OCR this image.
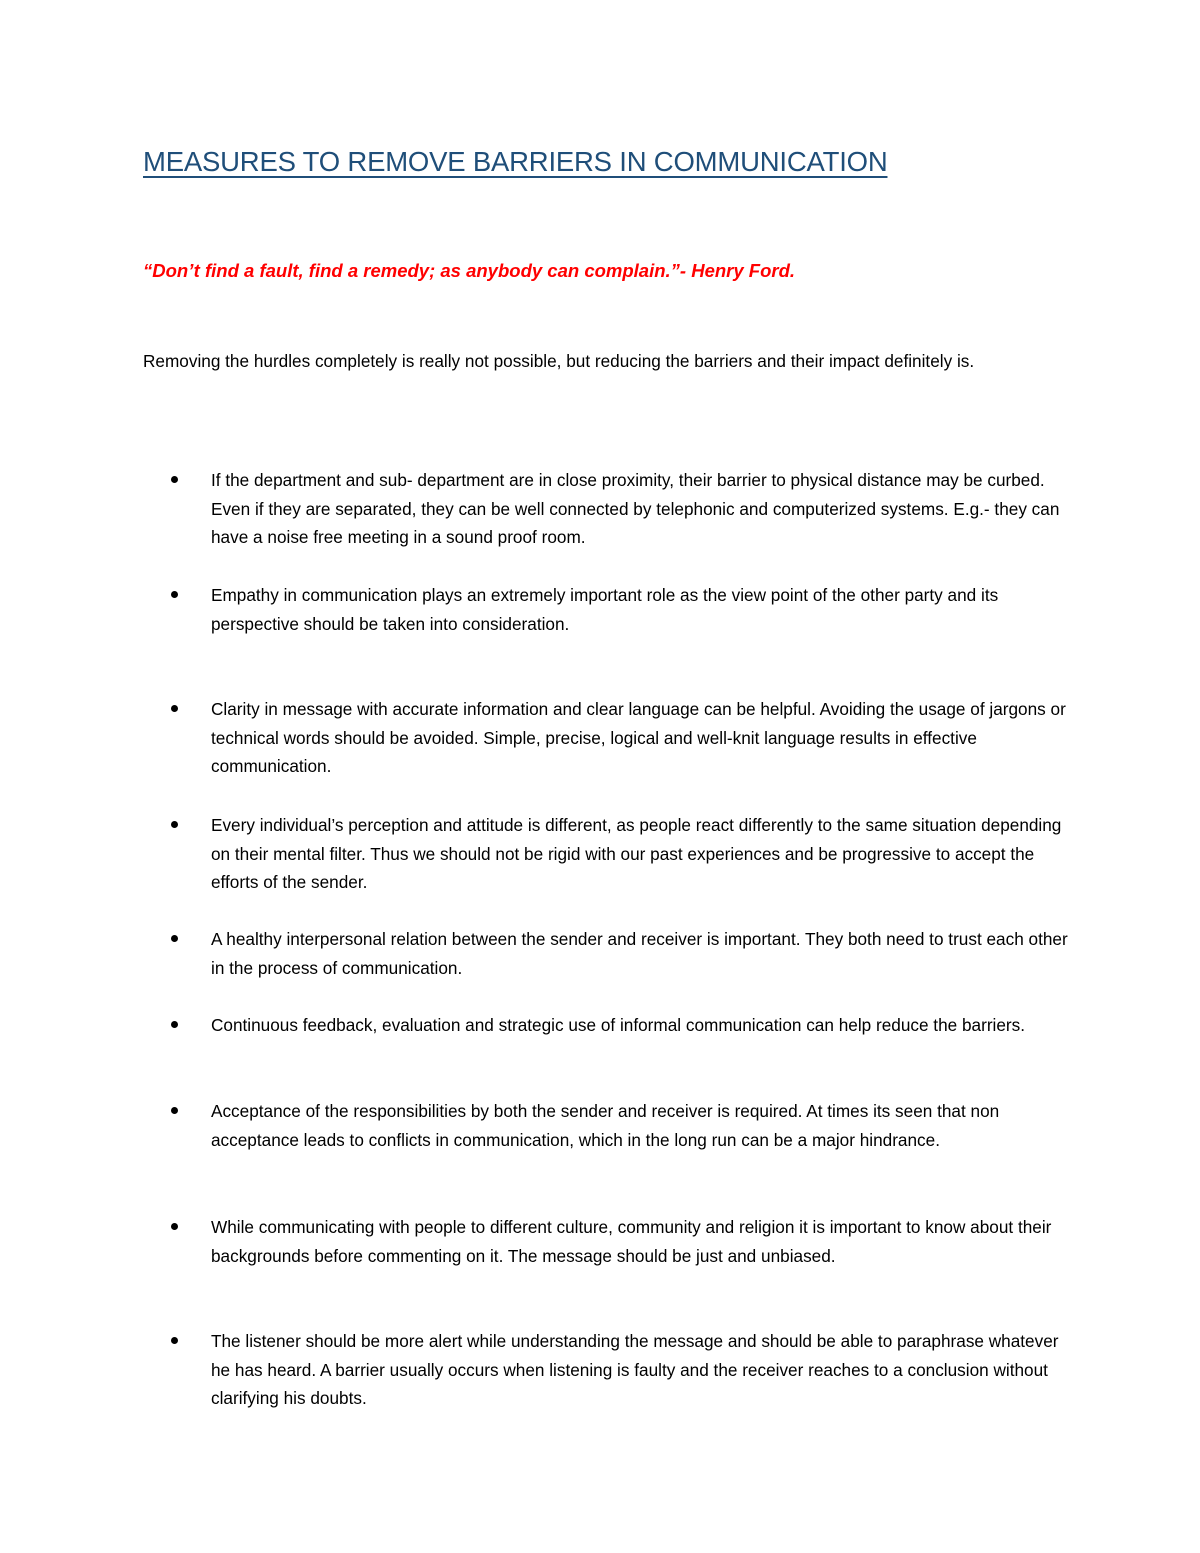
MEASURES TO REMOVE BARRIERS IN COMMUNICATION

“Don’t find a fault, find a remedy; as anybody can complain.”- Henry Ford.

Removing the hurdles completely is really not possible, but reducing the barriers and their impact definitely is.

If the department and sub- department are in close proximity, their barrier to physical distance may be curbed. Even if they are separated, they can be well connected by telephonic and computerized systems. E.g.- they can have a noise free meeting in a sound proof room.
Empathy in communication plays an extremely important role as the view point of the other party and its perspective should be taken into consideration.
Clarity in message with accurate information and clear language can be helpful. Avoiding the usage of jargons or technical words should be avoided. Simple, precise, logical and well-knit language results in effective communication.
Every individual’s perception and attitude is different, as people react differently to the same situation depending on their mental filter. Thus we should not be rigid with our past experiences and be progressive to accept the efforts of the sender.
A healthy interpersonal relation between the sender and receiver is important. They both need to trust each other in the process of communication.
Continuous feedback, evaluation and strategic use of informal communication can help reduce the barriers.
Acceptance of the responsibilities by both the sender and receiver is required. At times its seen that non acceptance leads to conflicts in communication, which in the long run can be a major hindrance.
While communicating with people to different culture, community and religion it is important to know about their backgrounds before commenting on it. The message should be just and unbiased.
The listener should be more alert while understanding the message and should be able to paraphrase whatever he has heard. A barrier usually occurs when listening is faulty and the receiver reaches to a conclusion without clarifying his doubts.
